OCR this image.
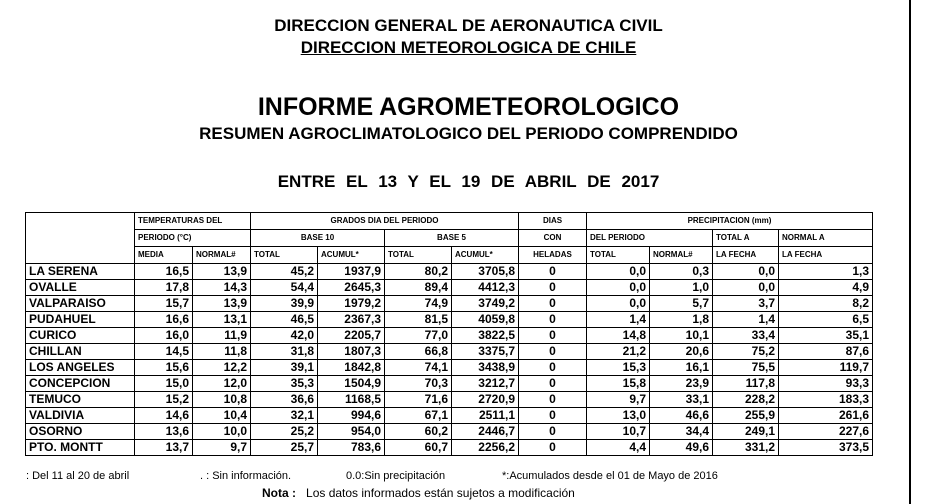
DIRECCION GENERAL DE AERONAUTICA CIVIL
DIRECCION METEOROLOGICA DE CHILE
INFORME AGROMETEOROLOGICO
RESUMEN AGROCLIMATOLOGICO DEL PERIODO COMPRENDIDO
ENTRE EL 13 Y EL 19 DE ABRIL DE 2017
	TEMPERATURAS DEL		GRADOS DIA DEL PERIODO				DIAS	PRECIPITACION (mm)			
	PERIODO (°C)		BASE 10		BASE 5		CON	DEL PERIODO		TOTAL A	NORMAL A
	MEDIA	NORMAL#	TOTAL	ACUMUL*	TOTAL	ACUMUL*	HELADAS	TOTAL	NORMAL#	LA FECHA	LA FECHA
LA SERENA	16,5	13,9	45,2	1937,9	80,2	3705,8	0	0,0	0,3	0,0	1,3
OVALLE	17,8	14,3	54,4	2645,3	89,4	4412,3	0	0,0	1,0	0,0	4,9
VALPARAISO	15,7	13,9	39,9	1979,2	74,9	3749,2	0	0,0	5,7	3,7	8,2
PUDAHUEL	16,6	13,1	46,5	2367,3	81,5	4059,8	0	1,4	1,8	1,4	6,5
CURICO	16,0	11,9	42,0	2205,7	77,0	3822,5	0	14,8	10,1	33,4	35,1
CHILLAN	14,5	11,8	31,8	1807,3	66,8	3375,7	0	21,2	20,6	75,2	87,6
LOS ANGELES	15,6	12,2	39,1	1842,8	74,1	3438,9	0	15,3	16,1	75,5	119,7
CONCEPCION	15,0	12,0	35,3	1504,9	70,3	3212,7	0	15,8	23,9	117,8	93,3
TEMUCO	15,2	10,8	36,6	1168,5	71,6	2720,9	0	9,7	33,1	228,2	183,3
VALDIVIA	14,6	10,4	32,1	994,6	67,1	2511,1	0	13,0	46,6	255,9	261,6
OSORNO	13,6	10,0	25,2	954,0	60,2	2446,7	0	10,7	34,4	249,1	227,6
PTO. MONTT	13,7	9,7	25,7	783,6	60,7	2256,2	0	4,4	49,6	331,2	373,5
: Del 11 al 20 de abril	. : Sin información.	0.0:Sin precipitación	*:Acumulados desde el 01 de Mayo de 2016
Nota : Los datos informados están sujetos a modificación
